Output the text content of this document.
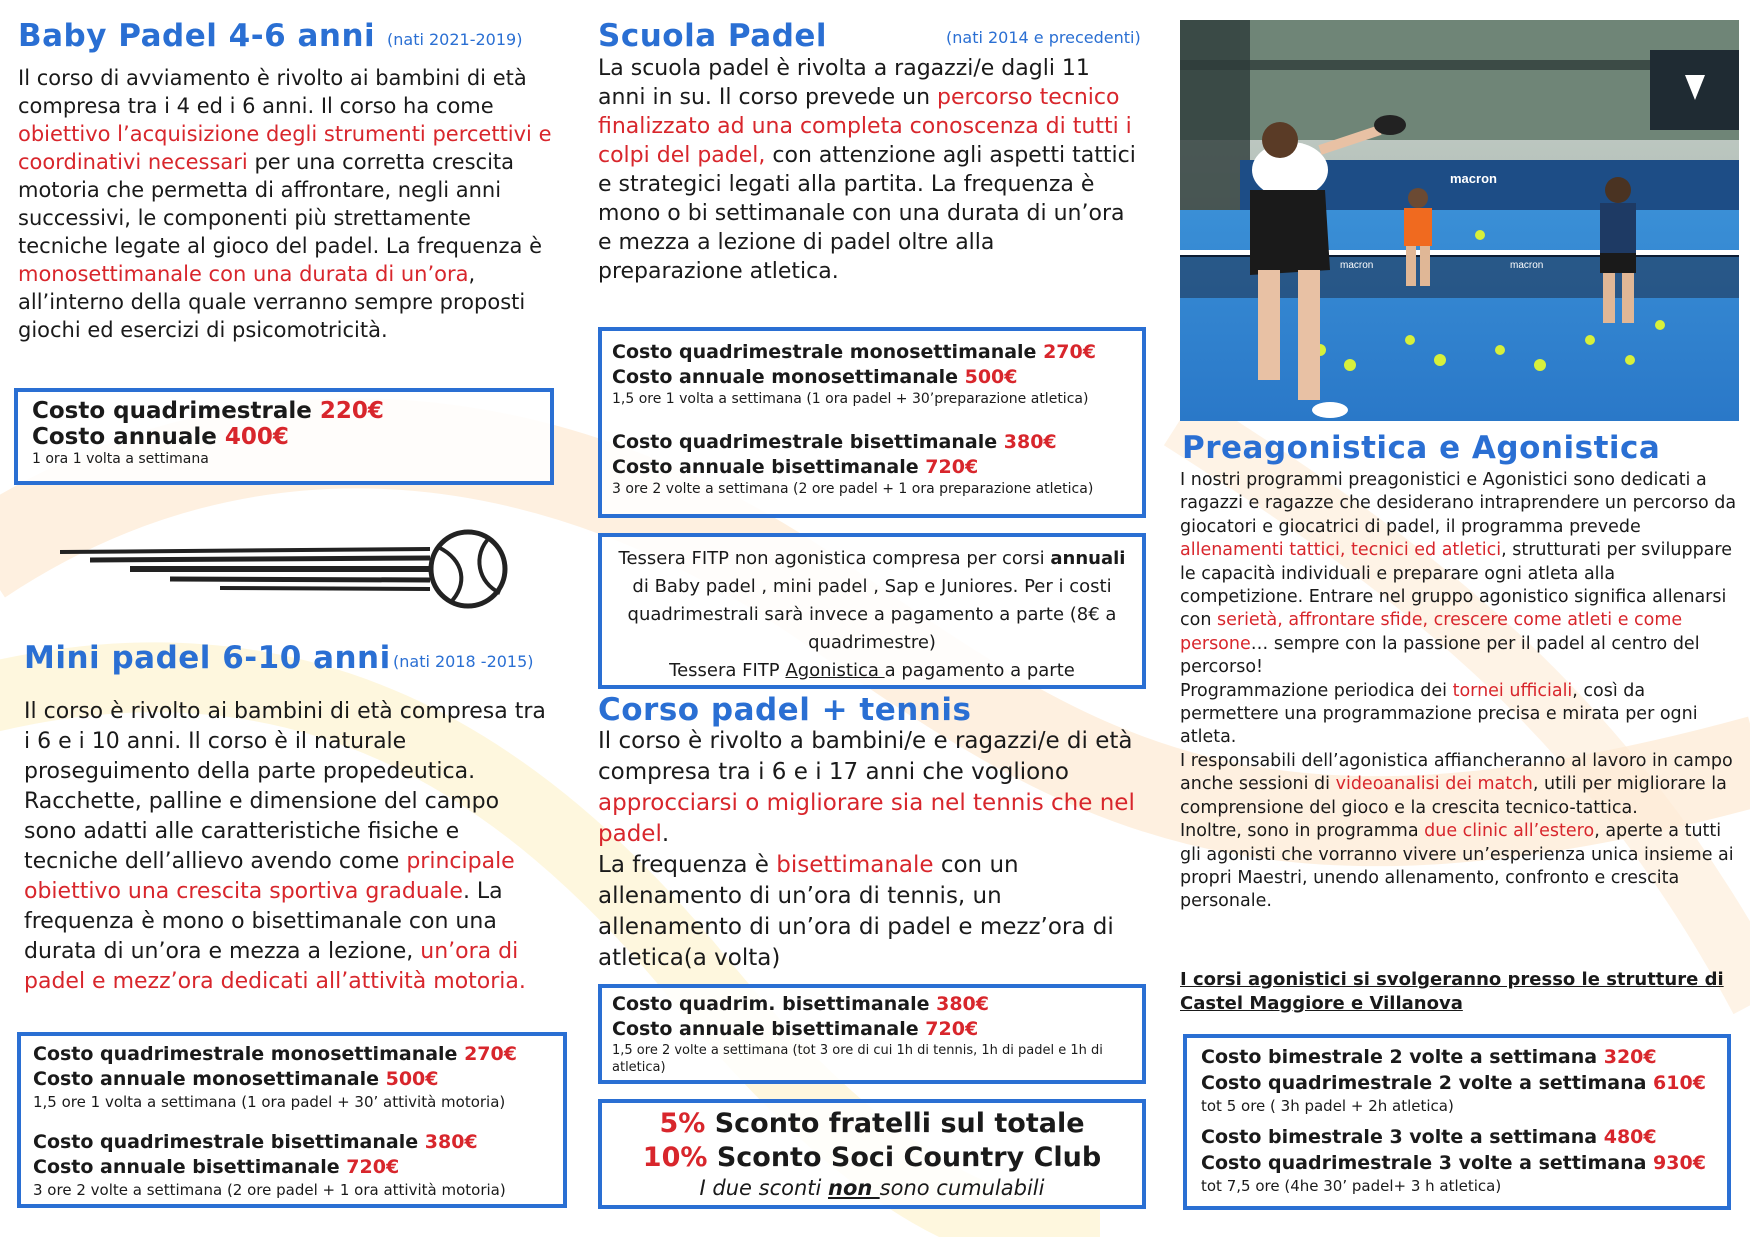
Baby Padel 4-6 anni (nati 2021-2019)
Il corso di avviamento è rivolto ai bambini di età compresa tra i 4 ed i 6 anni. Il corso ha come obiettivo l’acquisizione degli strumenti percettivi e coordinativi necessari per una corretta crescita motoria che permetta di affrontare, negli anni successivi, le componenti più strettamente tecniche legate al gioco del padel. La frequenza è monosettimanale con una durata di un’ora, all’interno della quale verranno sempre proposti giochi ed esercizi di psicomotricità.
Costo quadrimestrale 220€
Costo annuale 400€
1 ora 1 volta a settimana
Mini padel 6-10 anni (nati 2018 -2015)
Il corso è rivolto ai bambini di età compresa tra i 6 e i 10 anni. Il corso è il naturale proseguimento della parte propedeutica. Racchette, palline e dimensione del campo sono adatti alle caratteristiche fisiche e tecniche dell’allievo avendo come principale obiettivo una crescita sportiva graduale. La frequenza è mono o bisettimanale con una durata di un’ora e mezza a lezione, un’ora di padel e mezz’ora dedicati all’attività motoria.
Costo quadrimestrale monosettimanale 270€
Costo annuale monosettimanale 500€
1,5 ore 1 volta a settimana (1 ora padel + 30’ attività motoria)
Costo quadrimestrale bisettimanale 380€
Costo annuale bisettimanale 720€
3 ore 2 volte a settimana (2 ore padel + 1 ora attività motoria)
Scuola Padel	(nati 2014 e precedenti)
La scuola padel è rivolta a ragazzi/e dagli 11 anni in su. Il corso prevede un percorso tecnico finalizzato ad una completa conoscenza di tutti i colpi del padel, con attenzione agli aspetti tattici e strategici legati alla partita. La frequenza è mono o bi settimanale con una durata di un’ora e mezza a lezione di padel oltre alla preparazione atletica.
Costo quadrimestrale monosettimanale 270€
Costo annuale monosettimanale 500€
1,5 ore 1 volta a settimana (1 ora padel + 30’preparazione atletica)
Costo quadrimestrale bisettimanale 380€
Costo annuale bisettimanale 720€
3 ore 2 volte a settimana (2 ore padel + 1 ora preparazione atletica)
Tessera FITP non agonistica compresa per corsi annuali di Baby padel , mini padel , Sap e Juniores. Per i costi quadrimestrali sarà invece a pagamento a parte (8€ a quadrimestre)
Tessera FITP Agonistica a pagamento a parte
Corso padel + tennis
Il corso è rivolto a bambini/e e ragazzi/e di età compresa tra i 6 e i 17 anni che vogliono approcciarsi o migliorare sia nel tennis che nel padel.
La frequenza è bisettimanale con un allenamento di un’ora di tennis, un allenamento di un’ora di padel e mezz’ora di atletica(a volta)
Costo quadrim. bisettimanale 380€
Costo annuale bisettimanale 720€
1,5 ore 2 volte a settimana (tot 3 ore di cui 1h di tennis, 1h di padel e 1h di atletica)
5% Sconto fratelli sul totale
10% Sconto Soci Country Club
I due sconti non sono cumulabili
macron
macron	macron
Preagonistica e Agonistica
I nostri programmi preagonistici e Agonistici sono dedicati a ragazzi e ragazze che desiderano intraprendere un percorso da giocatori e giocatrici di padel, il programma prevede allenamenti tattici, tecnici ed atletici, strutturati per sviluppare le capacità individuali e preparare ogni atleta alla competizione. Entrare nel gruppo agonistico significa allenarsi con serietà, affrontare sfide, crescere come atleti e come persone… sempre con la passione per il padel al centro del percorso!
Programmazione periodica dei tornei ufficiali, così da permettere una programmazione precisa e mirata per ogni atleta.
I responsabili dell’agonistica affiancheranno al lavoro in campo anche sessioni di videoanalisi dei match, utili per migliorare la comprensione del gioco e la crescita tecnico-tattica.
Inoltre, sono in programma due clinic all’estero, aperte a tutti gli agonisti che vorranno vivere un’esperienza unica insieme ai propri Maestri, unendo allenamento, confronto e crescita personale.
I corsi agonistici si svolgeranno presso le strutture di Castel Maggiore e Villanova
Costo bimestrale 2 volte a settimana 320€
Costo quadrimestrale 2 volte a settimana 610€
tot 5 ore ( 3h padel + 2h atletica)
Costo bimestrale 3 volte a settimana 480€
Costo quadrimestrale 3 volte a settimana 930€
tot 7,5 ore (4he 30’ padel+ 3 h atletica)
